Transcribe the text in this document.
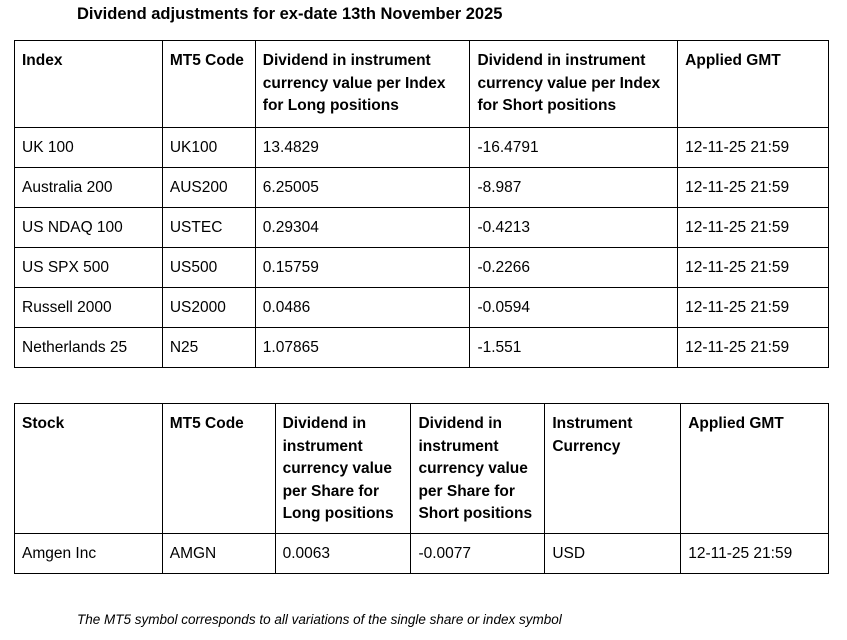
Dividend adjustments for ex-date 13th November 2025
Index	MT5 Code	Dividend in instrument currency value per Index for Long positions	Dividend in instrument currency value per Index for Short positions	Applied GMT
UK 100	UK100	13.4829	-16.4791	12-11-25 21:59
Australia 200	AUS200	6.25005	-8.987	12-11-25 21:59
US NDAQ 100	USTEC	0.29304	-0.4213	12-11-25 21:59
US SPX 500	US500	0.15759	-0.2266	12-11-25 21:59
Russell 2000	US2000	0.0486	-0.0594	12-11-25 21:59
Netherlands 25	N25	1.07865	-1.551	12-11-25 21:59
Stock	MT5 Code	Dividend in instrument currency value per Share for Long positions	Dividend in instrument currency value per Share for Short positions	Instrument Currency	Applied GMT
Amgen Inc	AMGN	0.0063	-0.0077	USD	12-11-25 21:59
The MT5 symbol corresponds to all variations of the single share or index symbol
